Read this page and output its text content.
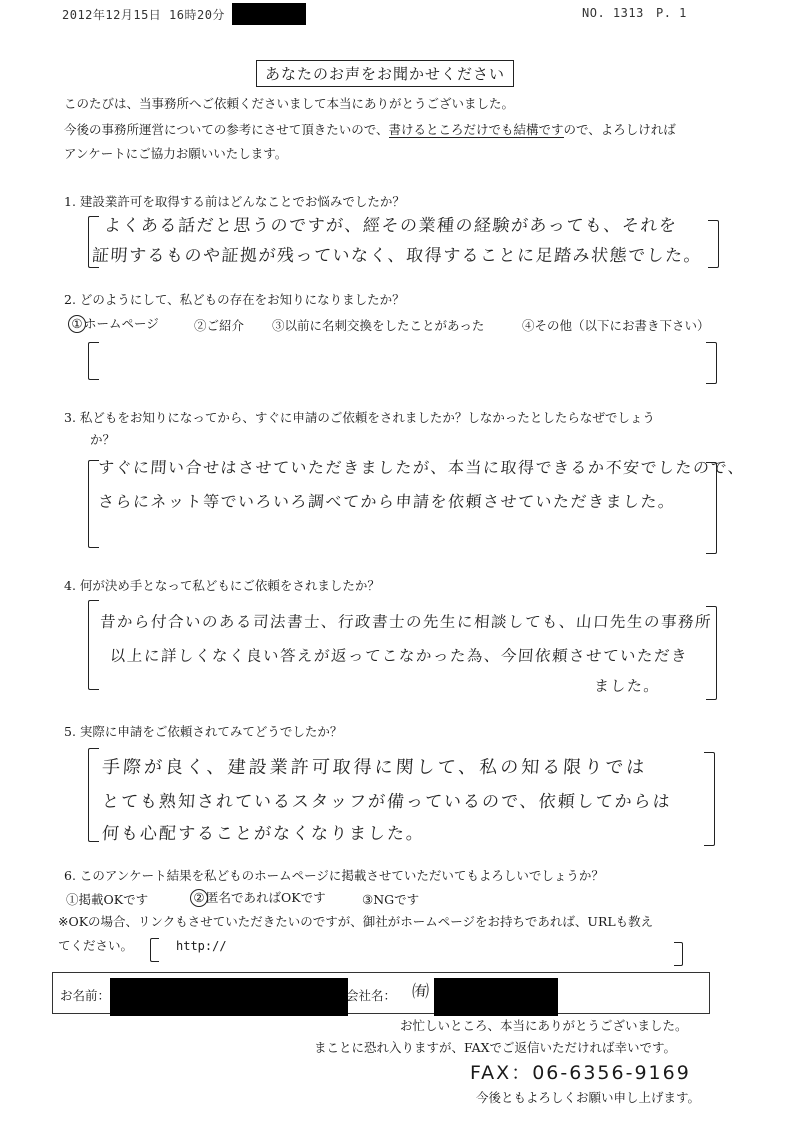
2012年12月15日 16時20分	NO. 1313 P. 1
あなたのお声をお聞かせください
このたびは、当事務所へご依頼くださいまして本当にありがとうございました。
今後の事務所運営についての参考にさせて頂きたいので、書けるところだけでも結構ですので、よろしければ
アンケートにご協力お願いいたします。
1. 建設業許可を取得する前はどんなことでお悩みでしたか？
よくある話だと思うのですが、經その業種の経験があっても、それを
証明するものや証拠が残っていなく、取得することに足踏み状態でした。
2. どのようにして、私どもの存在をお知りになりましたか？
①ホームページ	②ご紹介 ③以前に名刺交換をしたことがあった	④その他（以下にお書き下さい）
3. 私どもをお知りになってから、すぐに申請のご依頼をされましたか？しなかったとしたらなぜでしょう
か？
すぐに問い合せはさせていただきましたが、本当に取得できるか不安でしたので、
さらにネット等でいろいろ調べてから申請を依頼させていただきました。
4. 何が決め手となって私どもにご依頼をされましたか？
昔から付合いのある司法書士、行政書士の先生に相談しても、山口先生の事務所
以上に詳しくなく良い答えが返ってこなかった為、今回依頼させていただき
ました。
5. 実際に申請をご依頼されてみてどうでしたか？
手際が良く、建設業許可取得に関して、私の知る限りでは
とても熟知されているスタッフが備っているので、依頼してからは
何も心配することがなくなりました。
6. このアンケート結果を私どものホームページに掲載させていただいてもよろしいでしょうか？
①掲載OKです	②匿名であればOKです	③NGです
※OKの場合、リンクもさせていただきたいのですが、御社がホームページをお持ちであれば、URLも教え
てください。	http://
お名前：	会社名： ㈲
お忙しいところ、本当にありがとうございました。
まことに恐れ入りますが、FAXでご返信いただければ幸いです。
FAX：06-6356-9169
今後ともよろしくお願い申し上げます。
